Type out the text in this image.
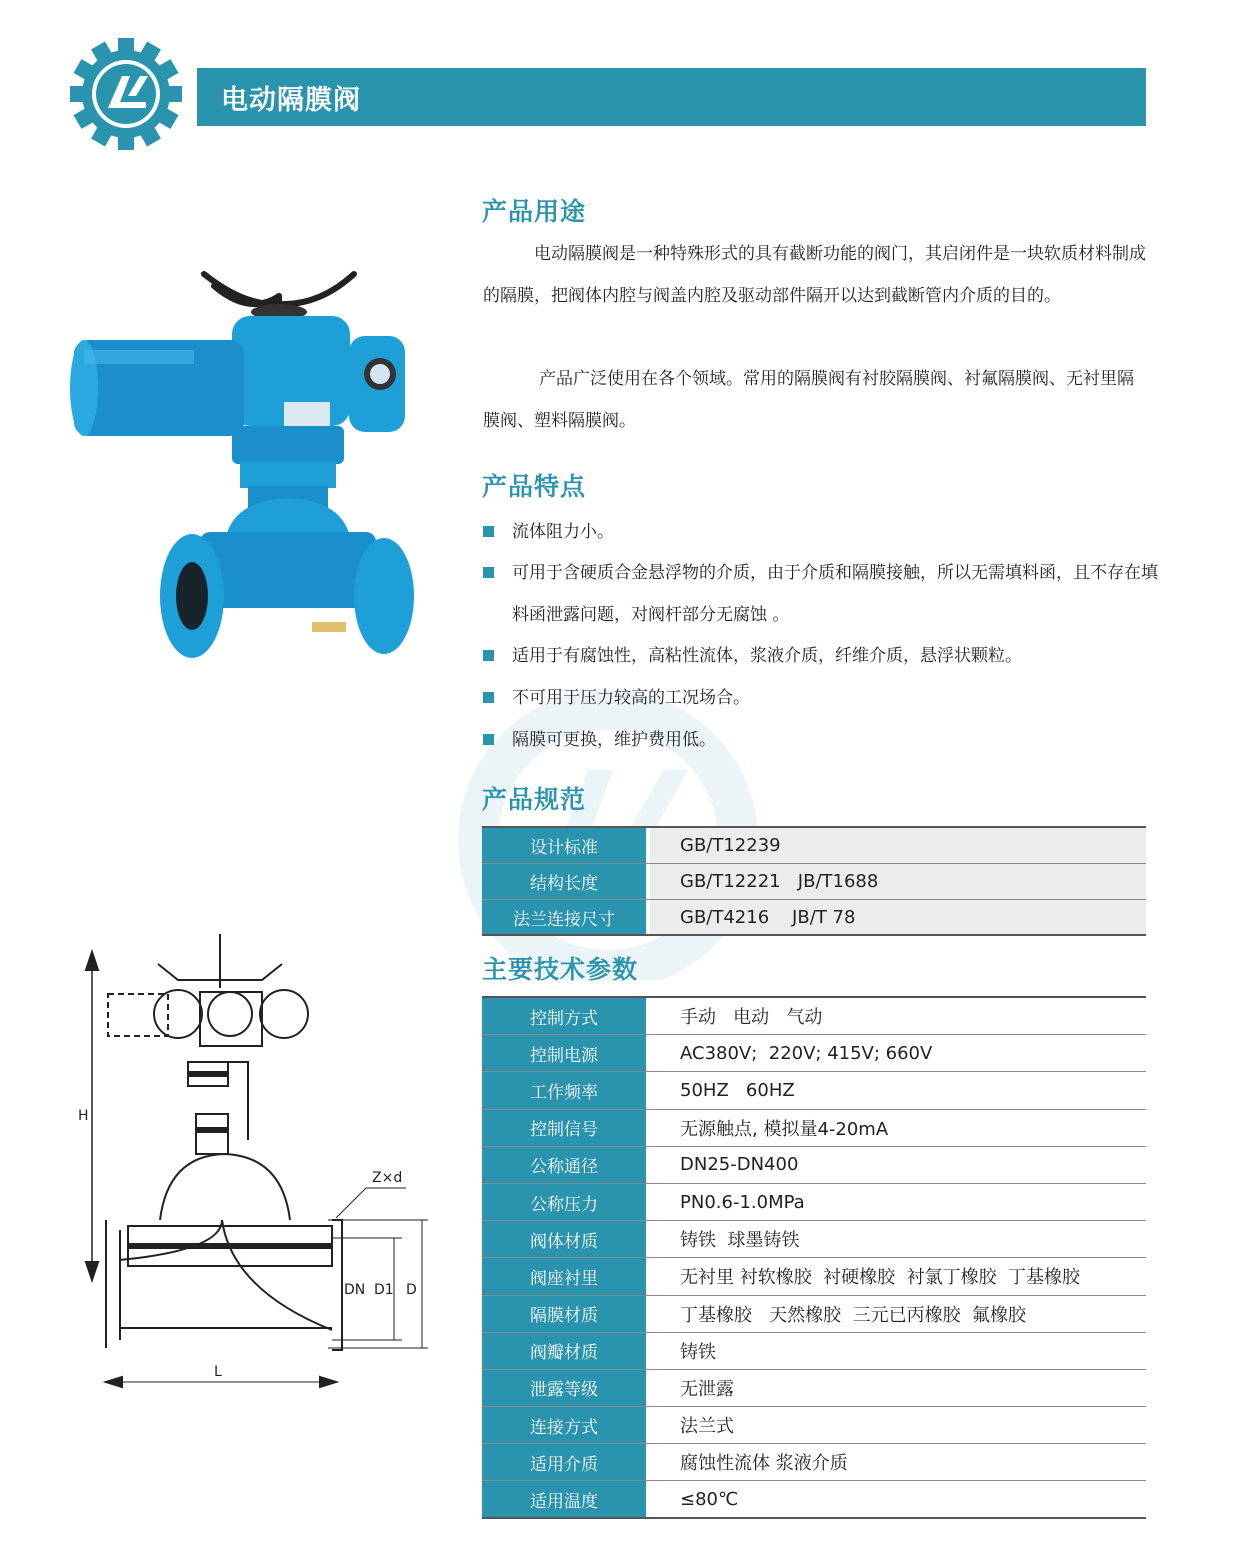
电动隔膜阀
H
Z×d
DN D1 D
L
产品用途
电动隔膜阀是一种特殊形式的具有截断功能的阀门，其启闭件是一块软质材料制成的隔膜，把阀体内腔与阀盖内腔及驱动部件隔开以达到截断管内介质的目的。
产品广泛使用在各个领域。常用的隔膜阀有衬胶隔膜阀、衬氟隔膜阀、无衬里隔膜阀、塑料隔膜阀。
产品特点
流体阻力小。
可用于含硬质合金悬浮物的介质，由于介质和隔膜接触，所以无需填料函，且不存在填料函泄露问题，对阀杆部分无腐蚀 。
适用于有腐蚀性，高粘性流体，浆液介质，纤维介质，悬浮状颗粒。
不可用于压力较高的工况场合。
隔膜可更换，维护费用低。
产品规范
设计标准	GB/T12239
结构长度	GB/T12221   JB/T1688
法兰连接尺寸	GB/T4216    JB/T 78
主要技术参数
控制方式	手动   电动   气动
控制电源	AC380V;  220V; 415V; 660V
工作频率	50HZ   60HZ
控制信号	无源触点, 模拟量4-20mA
公称通径	DN25-DN400
公称压力	PN0.6-1.0MPa
阀体材质	铸铁  球墨铸铁
阀座衬里	无衬里 衬软橡胶  衬硬橡胶  衬氯丁橡胶  丁基橡胶
隔膜材质	丁基橡胶   天然橡胶  三元已丙橡胶  氟橡胶
阀瓣材质	铸铁
泄露等级	无泄露
连接方式	法兰式
适用介质	腐蚀性流体 浆液介质
适用温度	≤80℃
